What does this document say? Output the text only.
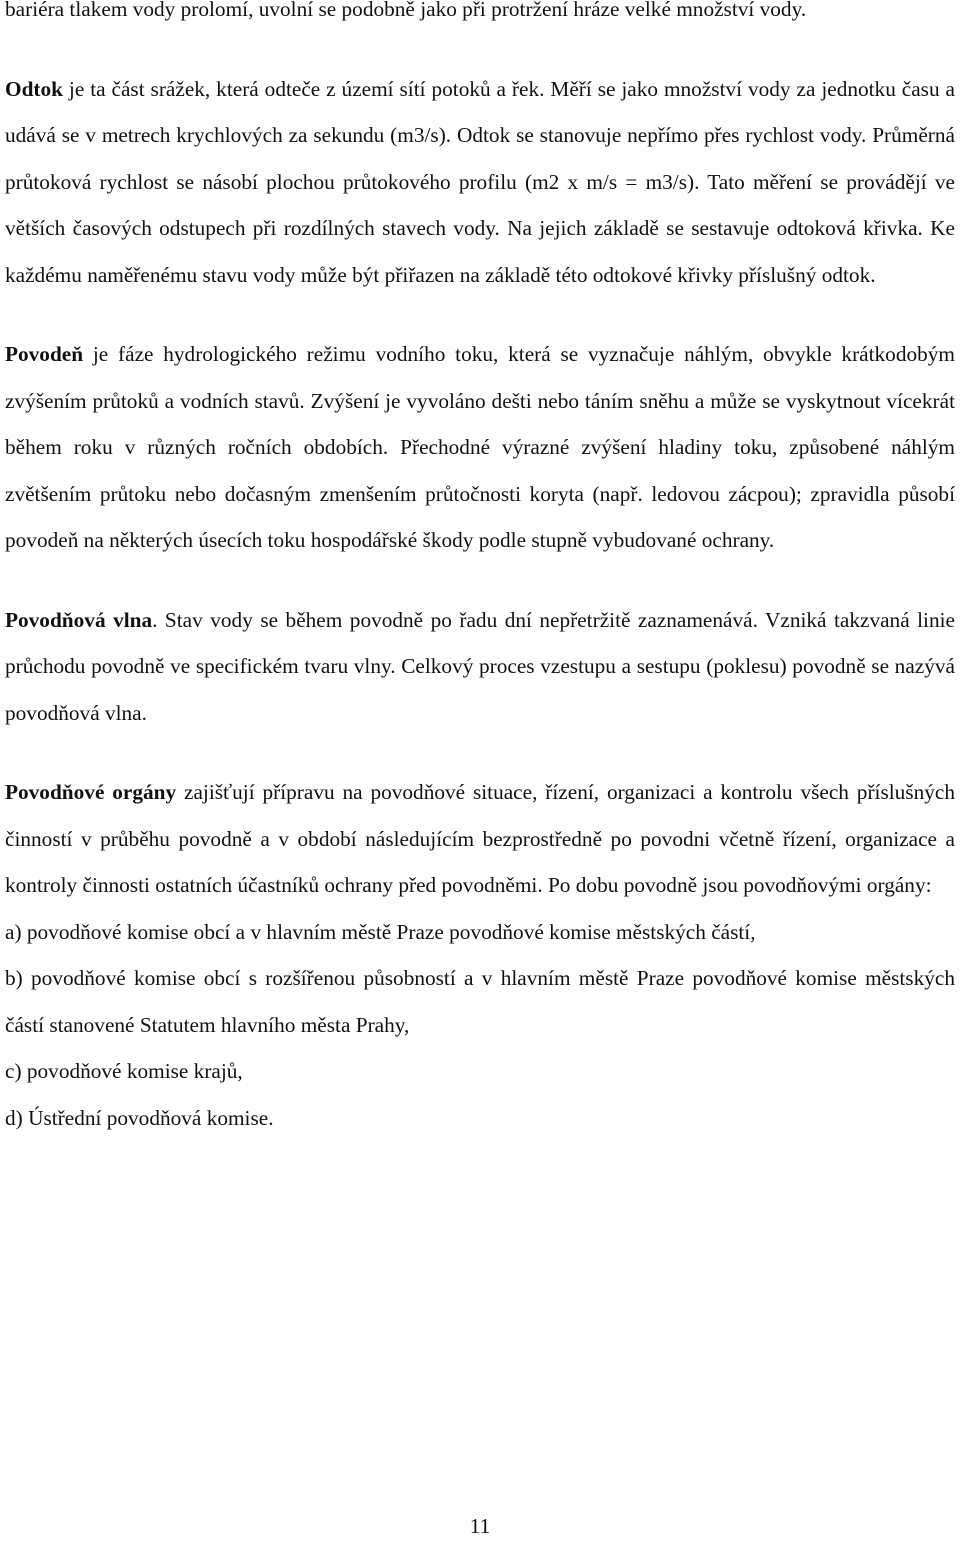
bariéra tlakem vody prolomí, uvolní se podobně jako při protržení hráze velké množství vody.

Odtok je ta část srážek, která odteče z území sítí potoků a řek. Měří se jako množství vody za jednotku času a udává se v metrech krychlových za sekundu (m3/s). Odtok se stanovuje nepřímo přes rychlost vody. Průměrná průtoková rychlost se násobí plochou průtokového profilu (m2 x m/s = m3/s). Tato měření se provádějí ve větších časových odstupech při rozdílných stavech vody. Na jejich základě se sestavuje odtoková křivka. Ke každému naměřenému stavu vody může být přiřazen na základě této odtokové křivky příslušný odtok.

Povodeň je fáze hydrologického režimu vodního toku, která se vyznačuje náhlým, obvykle krátkodobým zvýšením průtoků a vodních stavů. Zvýšení je vyvoláno dešti nebo táním sněhu a může se vyskytnout vícekrát během roku v různých ročních obdobích. Přechodné výrazné zvýšení hladiny toku, způsobené náhlým zvětšením průtoku nebo dočasným zmenšením průtočnosti koryta (např. ledovou zácpou); zpravidla působí povodeň na některých úsecích toku hospodářské škody podle stupně vybudované ochrany.

Povodňová vlna. Stav vody se během povodně po řadu dní nepřetržitě zaznamenává. Vzniká takzvaná linie průchodu povodně ve specifickém tvaru vlny. Celkový proces vzestupu a sestupu (poklesu) povodně se nazývá povodňová vlna.

Povodňové orgány zajišťují přípravu na povodňové situace, řízení, organizaci a kontrolu všech příslušných činností v průběhu povodně a v období následujícím bezprostředně po povodni včetně řízení, organizace a kontroly činnosti ostatních účastníků ochrany před povodněmi. Po dobu povodně jsou povodňovými orgány:

a) povodňové komise obcí a v hlavním městě Praze povodňové komise městských částí,

b) povodňové komise obcí s rozšířenou působností a v hlavním městě Praze povodňové komise městských částí stanovené Statutem hlavního města Prahy,

c) povodňové komise krajů,

d) Ústřední povodňová komise.

11
